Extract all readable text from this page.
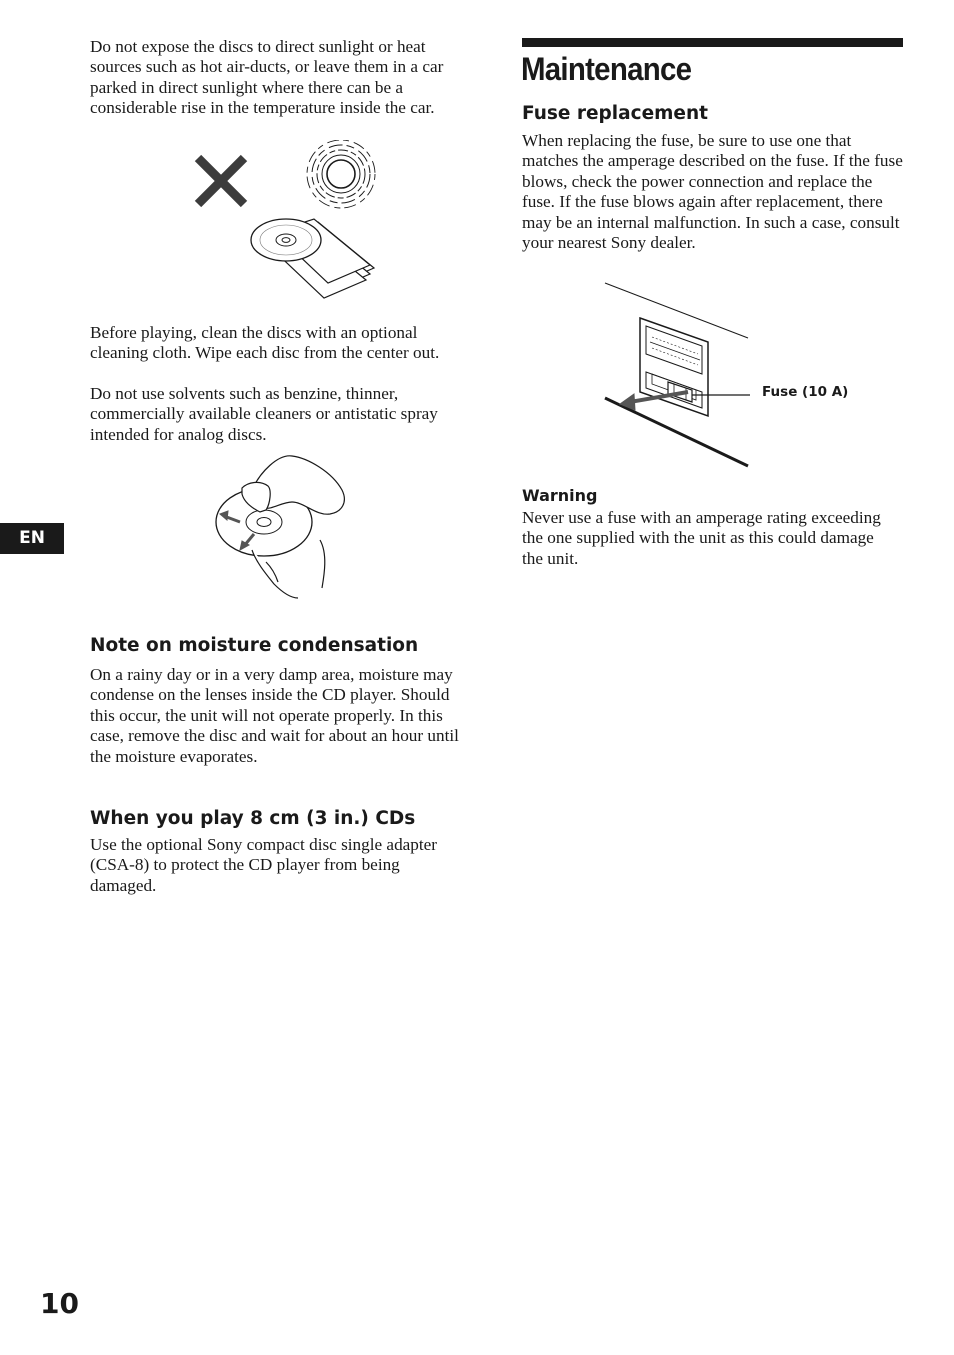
Do not expose the discs to direct sunlight or heat sources such as hot air-ducts, or leave them in a car parked in direct sunlight where there can be a considerable rise in the temperature inside the car.

Before playing, clean the discs with an optional cleaning cloth. Wipe each disc from the center out.

Do not use solvents such as benzine, thinner, commercially available cleaners or antistatic spray intended for analog discs.

Note on moisture condensation

On a rainy day or in a very damp area, moisture may condense on the lenses inside the CD player. Should this occur, the unit will not operate properly. In this case, remove the disc and wait for about an hour until the moisture evaporates.

When you play 8 cm (3 in.) CDs

Use the optional Sony compact disc single adapter (CSA-8) to protect the CD player from being damaged.

Maintenance
Fuse replacement

When replacing the fuse, be sure to use one that matches the amperage described on the fuse. If the fuse blows, check the power connection and replace the fuse. If the fuse blows again after replacement, there may be an internal malfunction. In such a case, consult your nearest Sony dealer.

Fuse (10 A)
Warning

Never use a fuse with an amperage rating exceeding the one supplied with the unit as this could damage the unit.

EN
10
